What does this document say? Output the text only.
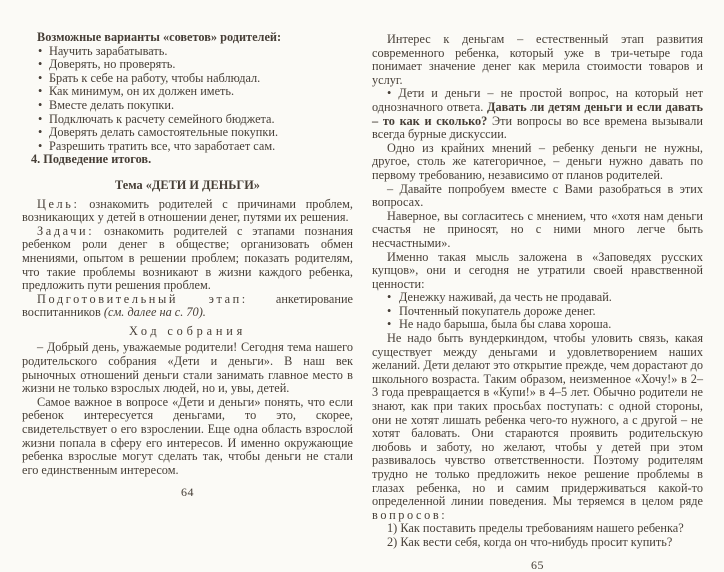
Возможные варианты «советов» родителей:

• Научить зарабатывать.
• Доверять, но проверять.
• Брать к себе на работу, чтобы наблюдал.
• Как минимум, он их должен иметь.
• Вместе делать покупки.
• Подключать к расчету семейного бюджета.
• Доверять делать самостоятельные покупки.
• Разрешить тратить все, что заработает сам.

4. Подведение итогов.

Тема «ДЕТИ И ДЕНЬГИ»

Цель: ознакомить родителей с причинами проблем, возникающих у детей в отношении денег, путями их решения.

Задачи: ознакомить родителей с этапами познания ребенком роли денег в обществе; организовать обмен мнениями, опытом в решении проблем; показать родителям, что такие проблемы возникают в жизни каждого ребенка, предложить пути решения проблем.

Подготовительный этап: анкетирование воспитанников (см. далее на с. 70).

Ход собрания

– Добрый день, уважаемые родители! Сегодня тема нашего родительского собрания «Дети и деньги». В наш век рыночных отношений деньги стали занимать главное место в жизни не только взрослых людей, но и, увы, детей.

Самое важное в вопросе «Дети и деньги» понять, что если ребенок интересуется деньгами, то это, скорее, свидетельствует о его взрослении. Еще одна область взрослой жизни попала в сферу его интересов. И именно окружающие ребенка взрослые могут сделать так, чтобы деньги не стали его единственным интересом.

64

Интерес к деньгам – естественный этап развития современного ребенка, который уже в три-четыре года понимает значение денег как мерила стоимости товаров и услуг.

• Дети и деньги – не простой вопрос, на который нет однозначного ответа. Давать ли детям деньги и если давать – то как и сколько? Эти вопросы во все времена вызывали всегда бурные дискуссии.

Одно из крайних мнений – ребенку деньги не нужны, другое, столь же категоричное, – деньги нужно давать по первому требованию, независимо от планов родителей.

– Давайте попробуем вместе с Вами разобраться в этих вопросах.

Наверное, вы согласитесь с мнением, что «хотя нам деньги счастья не приносят, но с ними много легче быть несчастными».

Именно такая мысль заложена в «Заповедях русских купцов», они и сегодня не утратили своей нравственной ценности:

• Денежку наживай, да честь не продавай.
• Почтенный покупатель дороже денег.
• Не надо барыша, была бы слава хороша.

Не надо быть вундеркиндом, чтобы уловить связь, какая существует между деньгами и удовлетворением наших желаний. Дети делают это открытие прежде, чем дорастают до школьного возраста. Таким образом, неизменное «Хочу!» в 2–3 года превращается в «Купи!» в 4–5 лет. Обычно родители не знают, как при таких просьбах поступать: с одной стороны, они не хотят лишать ребенка чего-то нужного, а с другой – не хотят баловать. Они стараются проявить родительскую любовь и заботу, но желают, чтобы у детей при этом развивалось чувство ответственности. Поэтому родителям трудно не только предложить некое решение проблемы в глазах ребенка, но и самим придерживаться какой-то определенной линии поведения. Мы теряемся в целом ряде вопросов:

1) Как поставить пределы требованиям нашего ребенка?

2) Как вести себя, когда он что-нибудь просит купить?

65
